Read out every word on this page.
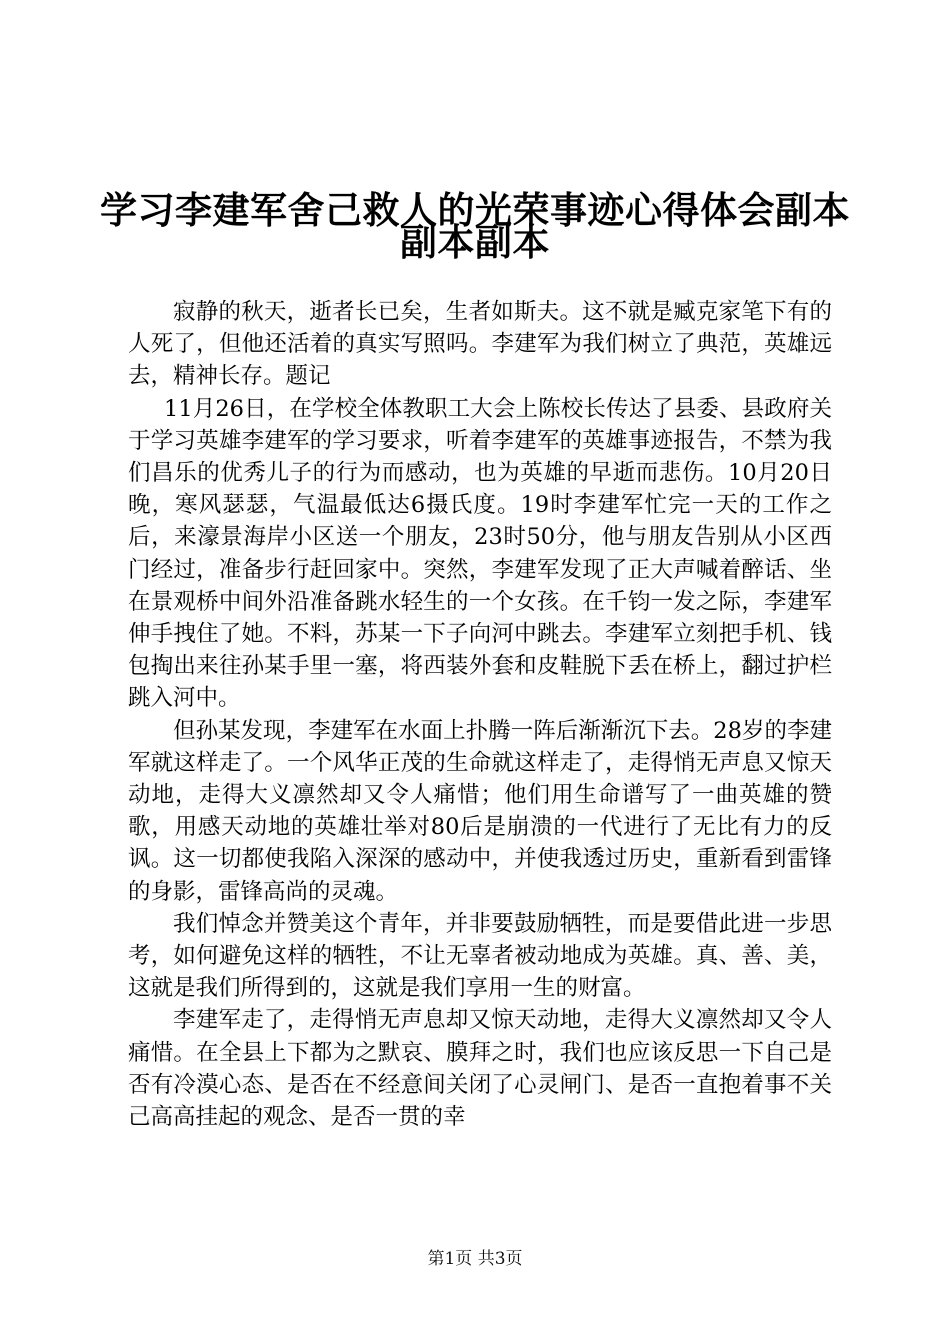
学习李建军舍己救人的光荣事迹心得体会副本
副本副本

寂静的秋天，逝者长已矣，生者如斯夫。这不就是臧克家笔下有的人死了，但他还活着的真实写照吗。李建军为我们树立了典范，英雄远去，精神长存。题记

11月26日，在学校全体教职工大会上陈校长传达了县委、县政府关于学习英雄李建军的学习要求，听着李建军的英雄事迹报告，不禁为我们昌乐的优秀儿子的行为而感动，也为英雄的早逝而悲伤。10月20日晚，寒风瑟瑟，气温最低达6摄氏度。19时李建军忙完一天的工作之后，来濠景海岸小区送一个朋友，23时50分，他与朋友告别从小区西门经过，准备步行赶回家中。突然，李建军发现了正大声喊着醉话、坐在景观桥中间外沿准备跳水轻生的一个女孩。在千钧一发之际，李建军伸手拽住了她。不料，苏某一下子向河中跳去。李建军立刻把手机、钱包掏出来往孙某手里一塞，将西装外套和皮鞋脱下丢在桥上，翻过护栏跳入河中。

但孙某发现，李建军在水面上扑腾一阵后渐渐沉下去。28岁的李建军就这样走了。一个风华正茂的生命就这样走了，走得悄无声息又惊天动地，走得大义凛然却又令人痛惜；他们用生命谱写了一曲英雄的赞歌，用感天动地的英雄壮举对80后是崩溃的一代进行了无比有力的反讽。这一切都使我陷入深深的感动中，并使我透过历史，重新看到雷锋的身影，雷锋高尚的灵魂。

我们悼念并赞美这个青年，并非要鼓励牺牲，而是要借此进一步思考，如何避免这样的牺牲，不让无辜者被动地成为英雄。真、善、美，这就是我们所得到的，这就是我们享用一生的财富。

李建军走了，走得悄无声息却又惊天动地，走得大义凛然却又令人痛惜。在全县上下都为之默哀、膜拜之时，我们也应该反思一下自己是否有冷漠心态、是否在不经意间关闭了心灵闸门、是否一直抱着事不关己高高挂起的观念、是否一贯的幸

第1页 共3页
